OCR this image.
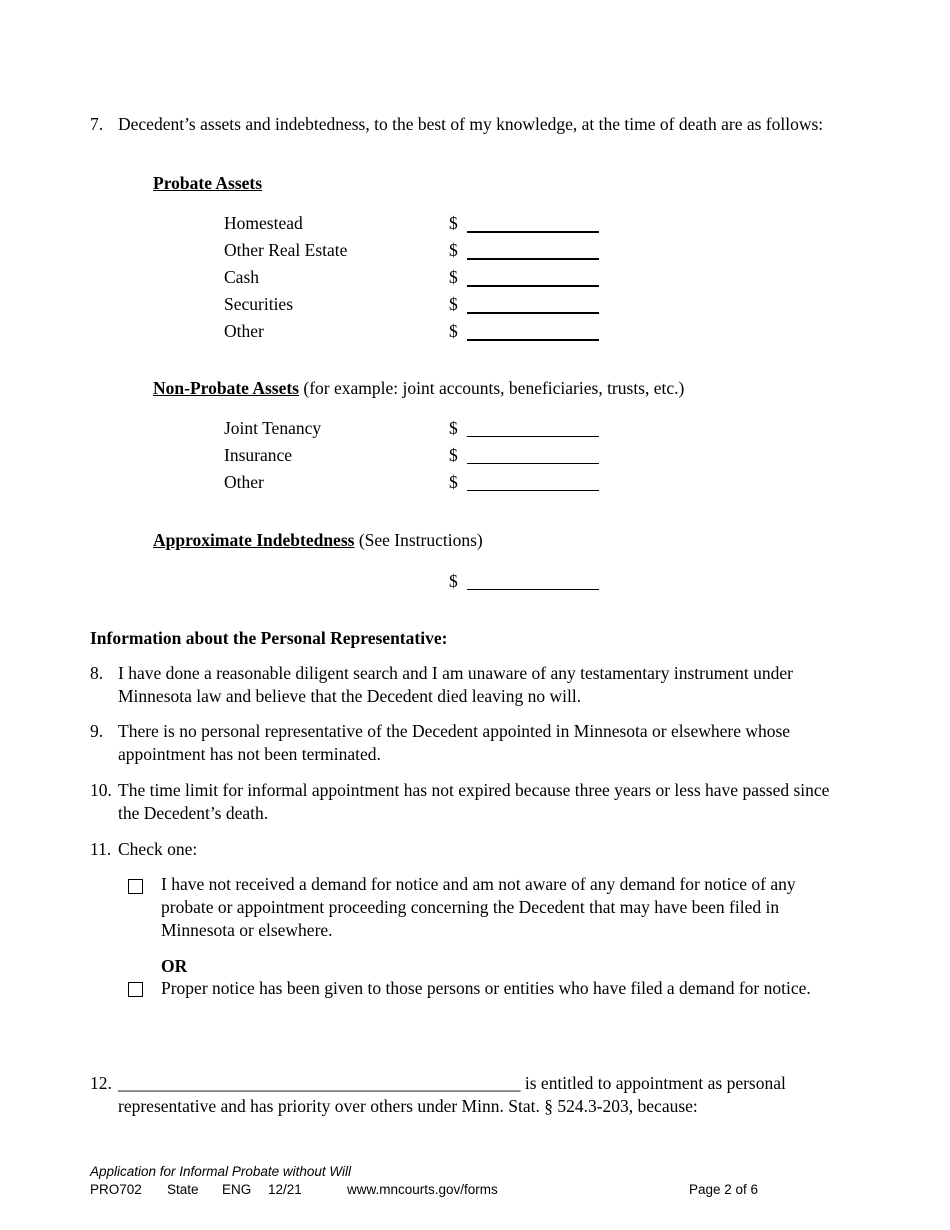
7. Decedent’s assets and indebtedness, to the best of my knowledge, at the time of death are as follows:
Probate Assets
Homestead	$
Other Real Estate	$
Cash	$
Securities	$
Other	$
Non-Probate Assets (for example: joint accounts, beneficiaries, trusts, etc.)
Joint Tenancy	$
Insurance	$
Other	$
Approximate Indebtedness (See Instructions)
$
Information about the Personal Representative:
8. I have done a reasonable diligent search and I am unaware of any testamentary instrument under Minnesota law and believe that the Decedent died leaving no will.
9. There is no personal representative of the Decedent appointed in Minnesota or elsewhere whose appointment has not been terminated.
10. The time limit for informal appointment has not expired because three years or less have passed since the Decedent’s death.
11. Check one:
I have not received a demand for notice and am not aware of any demand for notice of any probate or appointment proceeding concerning the Decedent that may have been filed in Minnesota or elsewhere.
OR
Proper notice has been given to those persons or entities who have filed a demand for notice.
12. ______________________________________________ is entitled to appointment as personal
representative and has priority over others under Minn. Stat. § 524.3-203, because:
Application for Informal Probate without Will
PRO702 State ENG 12/21	www.mncourts.gov/forms	Page 2 of 6
